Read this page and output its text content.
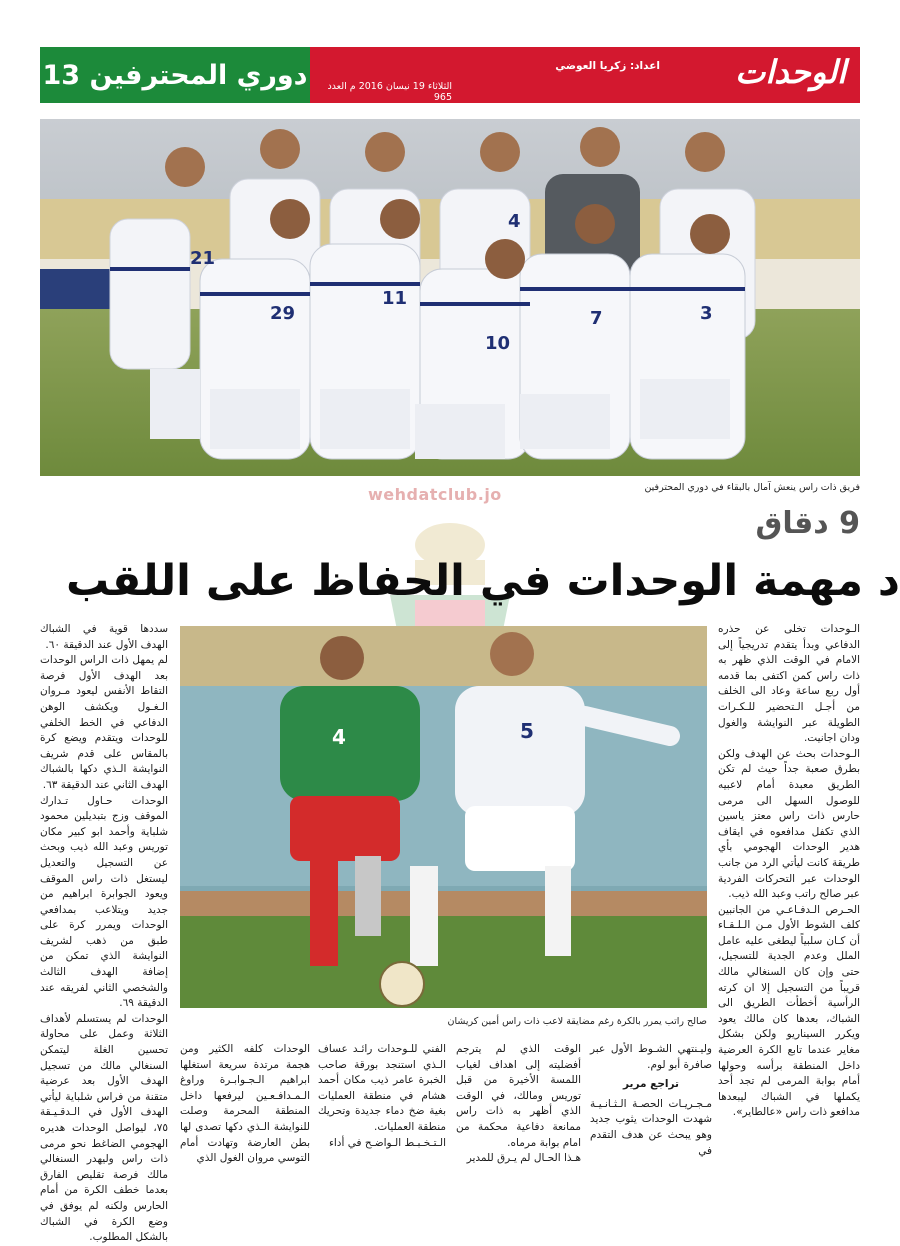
دوري المحترفين 13	اعداد: زكريا العوضي
الثلاثاء 19 نيسان 2016 م العدد 965
الوحدات
21
29
11
10
7	3
4
فريق ذات راس ينعش آمال بالبقاء في دوري المحترفين
wehdatclub.jo
9 دقاق
د مهمة الوحدات في الحفاظ على اللقب

الـوحدات تخلى عن حذره الدفاعي وبدأ يتقدم تدريجياً إلى الامام في الوقت الذي ظهر به ذات راس كمن اكتفى بما قدمه أول ربع ساعة وعاد الى الخلف من أجـل الـتحضير للـكـرات الطويلة عبر النوايشة والغول ودان اجانيت.

الـوحدات بحث عن الهدف ولكن بطرق صعبة جداً حيث لم تكن الطريق معبدة أمام لاعبيه للوصول السهل الى مرمى حارس ذات راس معتز ياسين الذي تكفل مدافعوه في ايقاف هدير الوحدات الهجومي بأي طريقة كانت ليأتي الرد من جانب الوحدات عبر التحركات الفردية عبر صالح راتب وعبد الله ذيب.

الحـرص الـدفـاعـي من الجانبين كلف الشوط الأول مـن الـلـقـاء أن كـان سلبياً ليطغى عليه عامل الملل وعدم الجدية للتسجيل، حتى وإن كان السنغالي مالك قريباً من التسجيل إلا ان كرته الرأسية أخطأت الطريق الى الشباك، بعدها كان مالك يعود ويكرر السيناريو ولكن بشكل مغاير عندما تابع الكرة العرضية داخل المنطقة برأسه وحولها أمام بوابة المرمى لم تجد أحد يكملها في الشباك ليبعدها مدافعو ذات راس «عالطاير».

سددها قوية في الشباك الهدف الأول عند الدقيقة ٦٠.

لم يمهل ذات الراس الوحدات بعد الهدف الأول فرصة التقاط الأنفس ليعود مـروان الـغـول ويكشف الوهن الدفاعي في الخط الخلفي للوحدات ويتقدم ويضع كرة بالمقاس على قدم شريف النوايشة الـذي دكها بالشباك الهدف الثاني عند الدقيقة ٦٣.

الوحدات حـاول تـدارك الموقف وزج بتبديلين محمود شلباية وأحمد ابو كبير مكان توريس وعبد الله ذيب وبحث عن التسجيل والتعديل ليستغل ذات راس الموقف ويعود الجوابرة ابراهيم من جديد ويتلاعب بمدافعي الوحدات ويمرر كرة على طبق من ذهب لشريف النوايشة الذي تمكن من إضافة الهدف الثالث والشخصي الثاني لفريقه عند الدقيقة ٦٩.

الوحدات لم يستسلم لأهداف الثلاثة وعمل على محاولة تحسين الغلة ليتمكن السنغالي مالك من تسجيل الهدف الأول بعد عرضية متقنة من فراس شلباية ليأتي الهدف الأول في الـدقـيـقة ٧٥، ليواصل الوحدات هديره الهجومي الضاغط نحو مرمى ذات راس وليهدر السنغالي مالك فرصة تقليص الفارق بعدما خطف الكرة من أمام الحارس ولكنه لم يوفق في وضع الكرة في الشباك بالشكل المطلوب.

5
4
صالح راتب يمرر بالكرة رغم مضايقة لاعب ذات راس أمين كريشان

وليـنتهي الشـوط الأول عبر صافرة أبو لوم.

تراجع مرير

مـجـريـات الحصـة الـثـانـيـة شهدت الوحدات يثوب جديد وهو يبحث عن هدف التقدم في

الوقت الذي لم يترجم أفضليته إلى اهداف لغياب اللمسة الأخيرة من قبل توريس ومالك، في الوقت الذي أظهر به ذات راس ممانعة دفاعية محكمة من امام بوابة مرماه.

هـذا الحـال لم يـرق للمدير

الفني للـوحدات رائـد عساف الـذي استنجد بورقة صاحب الخبرة عامر ذيب مكان أحمد هشام في منطقة العمليات بغية ضخ دماء جديدة وتحريك منطقة العمليات.

الـتـخـبـط الـواضـح في أداء

الوحدات كلفه الكثير ومن هجمة مرتدة سريعة استغلها ابراهيم الـجـوابـرة وراوغ الـمـدافـعـين ليرفعها داخل المنطقة المحرمة وصلت للنوايشة الـذي دكها تصدى لها بطن العارضة وتهادت أمام التوسي مروان الغول الذي
